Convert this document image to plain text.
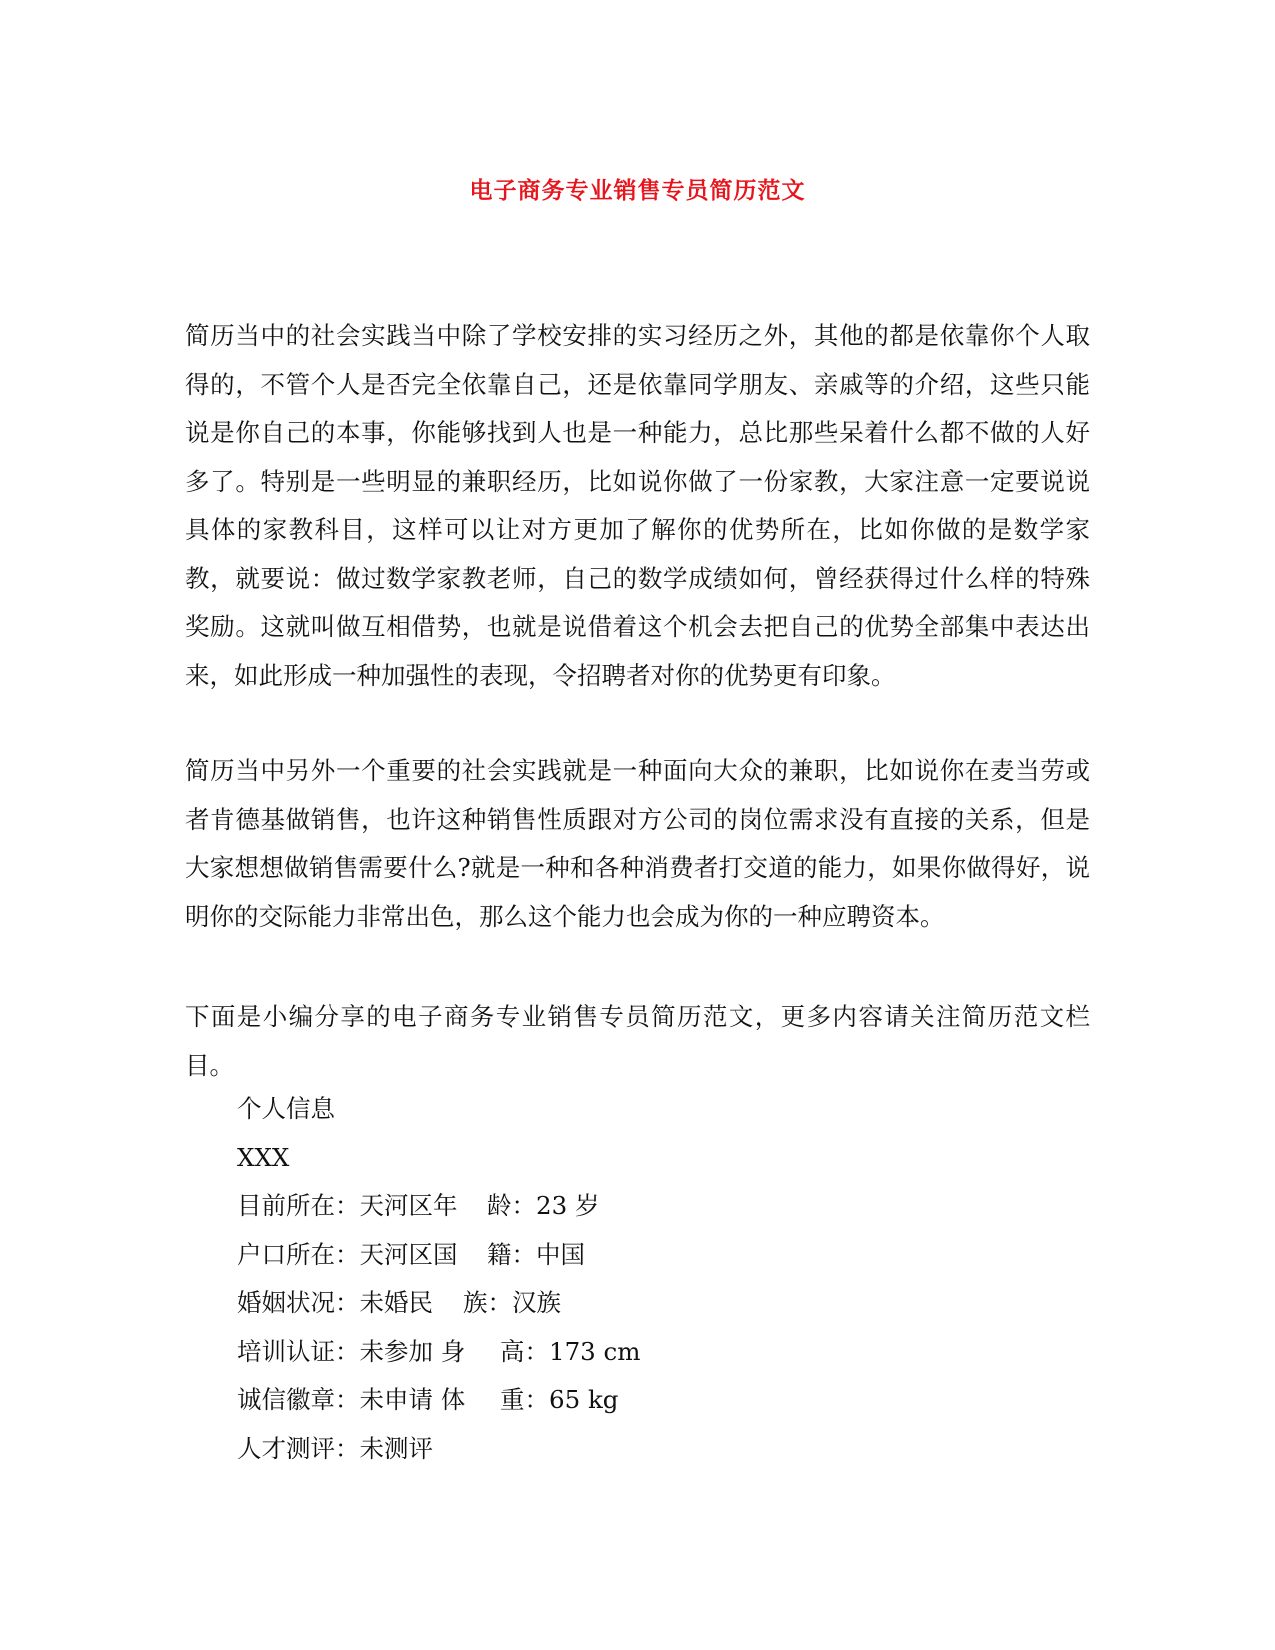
电子商务专业销售专员简历范文

简历当中的社会实践当中除了学校安排的实习经历之外，其他的都是依靠你个人取得的，不管个人是否完全依靠自己，还是依靠同学朋友、亲戚等的介绍，这些只能说是你自己的本事，你能够找到人也是一种能力，总比那些呆着什么都不做的人好多了。特别是一些明显的兼职经历，比如说你做了一份家教，大家注意一定要说说具体的家教科目，这样可以让对方更加了解你的优势所在，比如你做的是数学家教，就要说：做过数学家教老师，自己的数学成绩如何，曾经获得过什么样的特殊奖励。这就叫做互相借势，也就是说借着这个机会去把自己的优势全部集中表达出来，如此形成一种加强性的表现，令招聘者对你的优势更有印象。

简历当中另外一个重要的社会实践就是一种面向大众的兼职，比如说你在麦当劳或者肯德基做销售，也许这种销售性质跟对方公司的岗位需求没有直接的关系，但是大家想想做销售需要什么?就是一种和各种消费者打交道的能力，如果你做得好，说明你的交际能力非常出色，那么这个能力也会成为你的一种应聘资本。

下面是小编分享的电子商务专业销售专员简历范文，更多内容请关注简历范文栏目。

个人信息
XXX
目前所在：天河区年	龄：23 岁
户口所在：天河区国	籍：中国
婚姻状况：未婚民	族：汉族
培训认证：未参加 身	高：173 cm
诚信徽章：未申请 体	重：65 kg
人才测评：未测评
